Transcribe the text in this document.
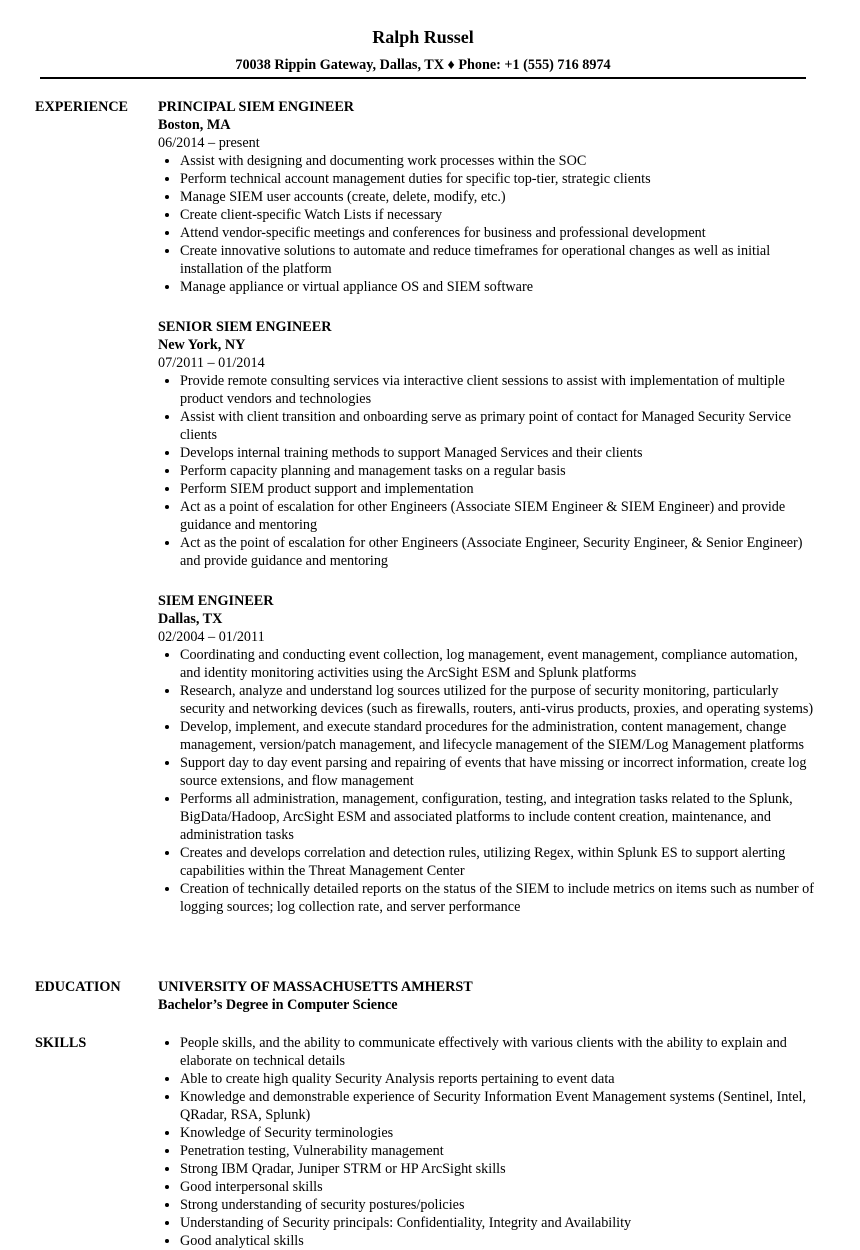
Ralph Russel
70038 Rippin Gateway, Dallas, TX ♦ Phone: +1 (555) 716 8974
EXPERIENCE PRINCIPAL SIEM ENGINEER
Boston, MA
06/2014 – present
• Assist with designing and documenting work processes within the SOC
• Perform technical account management duties for specific top-tier, strategic clients
• Manage SIEM user accounts (create, delete, modify, etc.)
• Create client-specific Watch Lists if necessary
• Attend vendor-specific meetings and conferences for business and professional development
• Create innovative solutions to automate and reduce timeframes for operational changes as well as initial installation of the platform
• Manage appliance or virtual appliance OS and SIEM software
SENIOR SIEM ENGINEER
New York, NY
07/2011 – 01/2014
• Provide remote consulting services via interactive client sessions to assist with implementation of multiple product vendors and technologies
• Assist with client transition and onboarding serve as primary point of contact for Managed Security Service clients
• Develops internal training methods to support Managed Services and their clients
• Perform capacity planning and management tasks on a regular basis
• Perform SIEM product support and implementation
• Act as a point of escalation for other Engineers (Associate SIEM Engineer & SIEM Engineer) and provide guidance and mentoring
• Act as the point of escalation for other Engineers (Associate Engineer, Security Engineer, & Senior Engineer) and provide guidance and mentoring
SIEM ENGINEER
Dallas, TX
02/2004 – 01/2011
• Coordinating and conducting event collection, log management, event management, compliance automation, and identity monitoring activities using the ArcSight ESM and Splunk platforms
• Research, analyze and understand log sources utilized for the purpose of security monitoring, particularly security and networking devices (such as firewalls, routers, anti-virus products, proxies, and operating systems)
• Develop, implement, and execute standard procedures for the administration, content management, change management, version/patch management, and lifecycle management of the SIEM/Log Management platforms
• Support day to day event parsing and repairing of events that have missing or incorrect information, create log source extensions, and flow management
• Performs all administration, management, configuration, testing, and integration tasks related to the Splunk, BigData/Hadoop, ArcSight ESM and associated platforms to include content creation, maintenance, and administration tasks
• Creates and develops correlation and detection rules, utilizing Regex, within Splunk ES to support alerting capabilities within the Threat Management Center
• Creation of technically detailed reports on the status of the SIEM to include metrics on items such as number of logging sources; log collection rate, and server performance
EDUCATION	UNIVERSITY OF MASSACHUSETTS AMHERST
Bachelor’s Degree in Computer Science
SKILLS
•	People skills, and the ability to communicate effectively with various clients with the ability to explain and elaborate on technical details
• Able to create high quality Security Analysis reports pertaining to event data
• Knowledge and demonstrable experience of Security Information Event Management systems (Sentinel, Intel, QRadar, RSA, Splunk)
• Knowledge of Security terminologies
• Penetration testing, Vulnerability management
• Strong IBM Qradar, Juniper STRM or HP ArcSight skills
• Good interpersonal skills
• Strong understanding of security postures/policies
• Understanding of Security principals: Confidentiality, Integrity and Availability
• Good analytical skills
